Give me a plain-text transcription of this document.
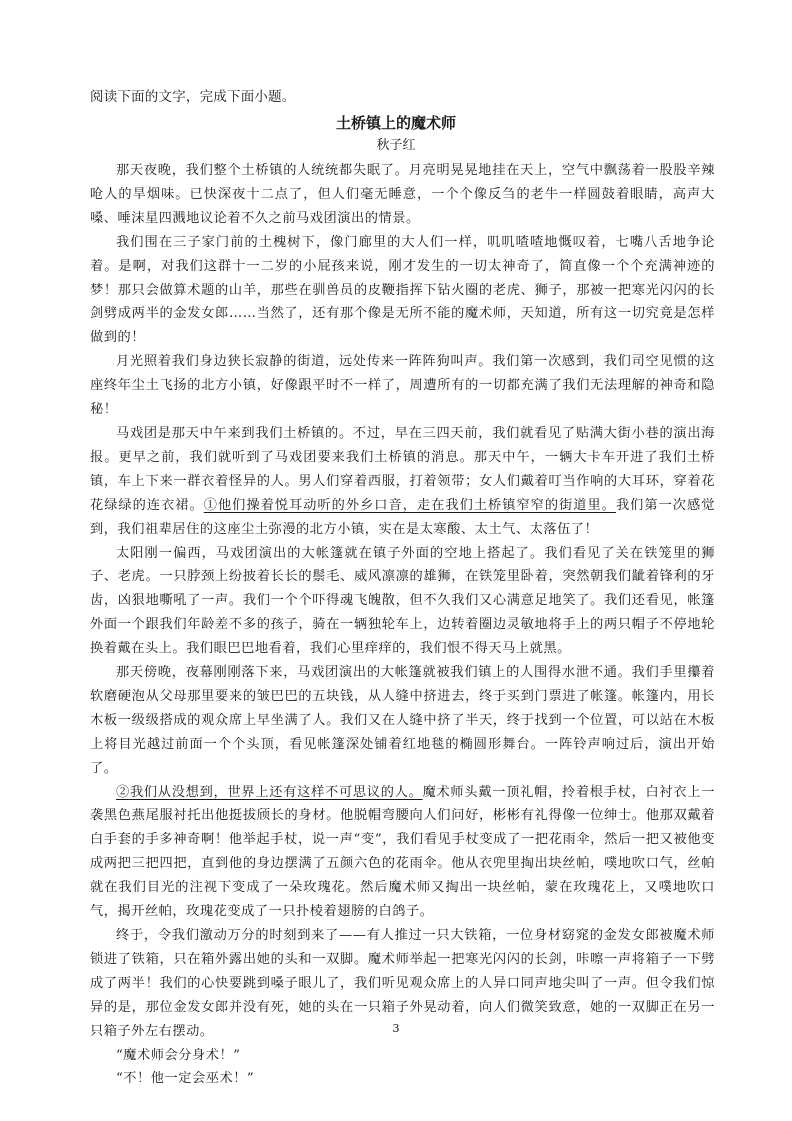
阅读下面的文字，完成下面小题。
土桥镇上的魔术师
秋子红

那天夜晚，我们整个土桥镇的人统统都失眠了。月亮明晃晃地挂在天上，空气中飘荡着一股股辛辣呛人的旱烟味。已快深夜十二点了，但人们毫无睡意，一个个像反刍的老牛一样圆鼓着眼睛，高声大嗓、唾沫星四溅地议论着不久之前马戏团演出的情景。

我们围在三子家门前的土槐树下，像门廊里的大人们一样，叽叽喳喳地慨叹着，七嘴八舌地争论着。是啊，对我们这群十一二岁的小屁孩来说，刚才发生的一切太神奇了，简直像一个个充满神迹的梦！那只会做算术题的山羊，那些在驯兽员的皮鞭指挥下钻火圈的老虎、狮子，那被一把寒光闪闪的长剑劈成两半的金发女郎……当然了，还有那个像是无所不能的魔术师，天知道，所有这一切究竟是怎样做到的！

月光照着我们身边狭长寂静的街道，远处传来一阵阵狗叫声。我们第一次感到，我们司空见惯的这座终年尘土飞扬的北方小镇，好像跟平时不一样了，周遭所有的一切都充满了我们无法理解的神奇和隐秘！

马戏团是那天中午来到我们土桥镇的。不过，早在三四天前，我们就看见了贴满大街小巷的演出海报。更早之前，我们就听到了马戏团要来我们土桥镇的消息。那天中午，一辆大卡车开进了我们土桥镇，车上下来一群衣着怪异的人。男人们穿着西服，打着领带；女人们戴着叮当作响的大耳环，穿着花花绿绿的连衣裙。①他们操着悦耳动听的外乡口音，走在我们土桥镇窄窄的街道里。我们第一次感觉到，我们祖辈居住的这座尘土弥漫的北方小镇，实在是太寒酸、太土气、太落伍了！

太阳刚一偏西，马戏团演出的大帐篷就在镇子外面的空地上搭起了。我们看见了关在铁笼里的狮子、老虎。一只脖颈上纷披着长长的鬃毛、威风凛凛的雄狮，在铁笼里卧着，突然朝我们龇着锋利的牙齿，凶狠地嘶吼了一声。我们一个个吓得魂飞魄散，但不久我们又心满意足地笑了。我们还看见，帐篷外面一个跟我们年龄差不多的孩子，骑在一辆独轮车上，边转着圈边灵敏地将手上的两只帽子不停地轮换着戴在头上。我们眼巴巴地看着，我们心里痒痒的，我们恨不得天马上就黑。

那天傍晚，夜幕刚刚落下来，马戏团演出的大帐篷就被我们镇上的人围得水泄不通。我们手里攥着软磨硬泡从父母那里要来的皱巴巴的五块钱，从人缝中挤进去，终于买到门票进了帐篷。帐篷内，用长木板一级级搭成的观众席上早坐满了人。我们又在人缝中挤了半天，终于找到一个位置，可以站在木板上将目光越过前面一个个头顶，看见帐篷深处铺着红地毯的椭圆形舞台。一阵铃声响过后，演出开始了。

②我们从没想到，世界上还有这样不可思议的人。魔术师头戴一顶礼帽，拎着根手杖，白衬衣上一袭黑色燕尾服衬托出他挺拔颀长的身材。他脱帽弯腰向人们问好，彬彬有礼得像一位绅士。他那双戴着白手套的手多神奇啊！他举起手杖，说一声“变”，我们看见手杖变成了一把花雨伞，然后一把又被他变成两把三把四把，直到他的身边摆满了五颜六色的花雨伞。他从衣兜里掏出块丝帕，噗地吹口气，丝帕就在我们目光的注视下变成了一朵玫瑰花。然后魔术师又掏出一块丝帕，蒙在玫瑰花上，又噗地吹口气，揭开丝帕，玫瑰花变成了一只扑棱着翅膀的白鸽子。

终于，令我们激动万分的时刻到来了——有人推过一只大铁箱，一位身材窈窕的金发女郎被魔术师锁进了铁箱，只在箱外露出她的头和一双脚。魔术师举起一把寒光闪闪的长剑，咔嚓一声将箱子一下劈成了两半！我们的心快要跳到嗓子眼儿了，我们听见观众席上的人异口同声地尖叫了一声。但令我们惊异的是，那位金发女郎并没有死，她的头在一只箱子外晃动着，向人们微笑致意，她的一双脚正在另一只箱子外左右摆动。

“魔术师会分身术！”

“不！他一定会巫术！”

3
